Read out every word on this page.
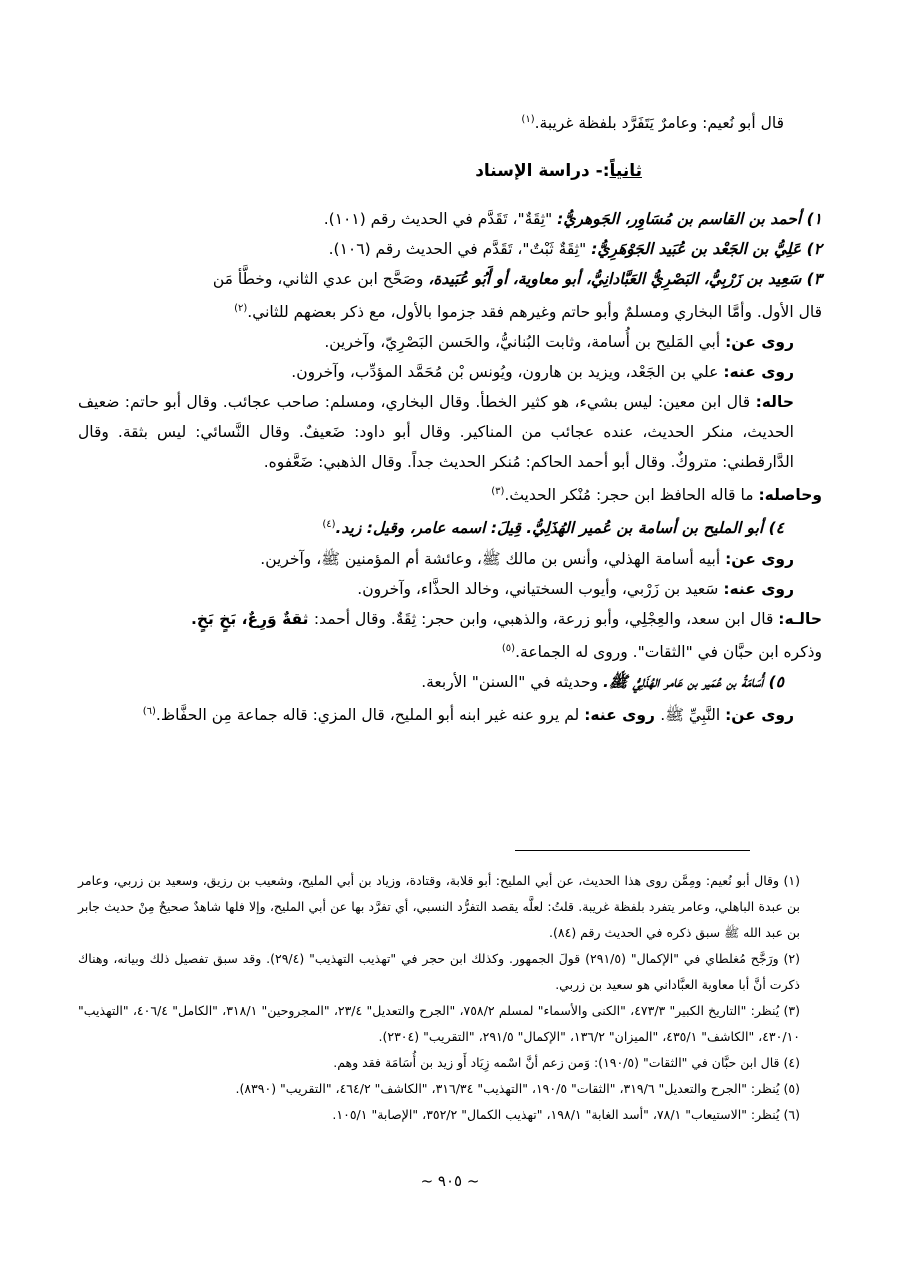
قال أبو نُعيم: وعامرٌ يَتَفَرَّد بلفظة غريبة.$^{(١)}$

ثانياً:- دراسة الإسناد

١) أحمد بن القاسم بن مُسَاوِر، الجَوهريُّ: "ثِقَةٌ"، تَقَدَّم في الحديث رقم (١٠١).

٢) عَلِيُّ بن الجَعْد بن عُبَيد الجَوْهَرِيُّ: "ثِقَةٌ ثَبْتٌ"، تَقَدَّم في الحديث رقم (١٠٦).

٣) سَعِيد بن زَرْبِيُّ، البَصْرِيُّ العَبَّادانِيُّ، أبو معاوية، أو أَبُو عُبَيدة، وصَحَّح ابن عدي الثاني، وخطَّأ مَن

قال الأول. وأمَّا البخاري ومسلمٌ وأبو حاتم وغيرهم فقد جزموا بالأول، مع ذكر بعضهم للثاني.$^{(٢)}$

روى عن: أبي المَليح بن أُسامة، وثابت البُنانيُّ، والحَسن البَصْرِيّ، وآخرين.

روى عنه: علي بن الجَعْد، ويزيد بن هارون، ويُونس بْن مُحَمَّد المؤدِّب، وآخرون.

حاله: قال ابن معين: ليس بشيء، هو كثير الخطأ. وقال البخاري، ومسلم: صاحب عجائب. وقال أبو حاتم: ضعيف الحديث، منكر الحديث، عنده عجائب من المناكير. وقال أبو داود: ضَعيفٌ. وقال النَّسائي: ليس بثقة. وقال الدَّارقطني: متروكٌ. وقال أبو أحمد الحاكم: مُنكر الحديث جداً. وقال الذهبي: ضَعَّفوه.

وحاصله: ما قاله الحافظ ابن حجر: مُنْكر الحديث.$^{(٣)}$

٤) أبو المليح بن أسامة بن عُمير الهُذَلِيُّ. قِيلَ: اسمه عامر، وقيل: زيد.$^{(٤)}$

روى عن: أبيه أسامة الهذلي، وأنس بن مالك ﷺ، وعائشة أم المؤمنين ﷺ، وآخرين.

روى عنه: سَعيد بن زَرْبي، وأيوب السختياني، وخالد الحذَّاء، وآخرون.

حالـه: قال ابن سعد، والعِجْلِي، وأبو زرعة، والذهبي، وابن حجر: ثِقَةٌ. وقال أحمد: ثقةٌ وَرِعٌ، بَخٍ بَخٍ.

وذكره ابن حبَّان في "الثقات". وروى له الجماعة.$^{(٥)}$

٥) أُسَامَةُ بن عُمَير بن عَامر الهُذَلِيُّ ﷺ. وحديثه في "السنن" الأربعة.

روى عن: النَّبِيِّ ﷺ. روى عنه: لم يرو عنه غير ابنه أبو المليح، قال المزي: قاله جماعة مِن الحفَّاظ.$^{(٦)}$

(١) وقال أبو نُعيم: ومِمَّن روى هذا الحديث، عن أبي المليح: أبو قلابة، وقتادة، وزياد بن أبي المليح، وشعيب بن رزيق، وسعيد بن زربي، وعامر بن عبدة الباهلي، وعامر يتفرد بلفظة غريبة. قلتُ: لعلَّه يقصد التفرُّد النسبي، أي تفرَّد بها عن أبي المليح، وإلا فلها شاهدٌ صحيحٌ مِنْ حديث جابر بن عبد الله ﷺ سبق ذكره في الحديث رقم (٨٤).

(٢) ورَجَّح مُغلطاي في "الإكمال" (٢٩١/٥) قولَ الجمهور. وكذلك ابن حجر في "تهذيب التهذيب" (٢٩/٤). وقد سبق تفصيل ذلك وبيانه، وهناك ذكرت أنَّ أبا معاوية العبَّاداني هو سعيد بن زربي.

(٣) يُنظر: "التاريخ الكبير" ٤٧٣/٣، "الكنى والأسماء" لمسلم ٧٥٨/٢، "الجرح والتعديل" ٢٣/٤، "المجروحين" ٣١٨/١، "الكامل" ٤٠٦/٤، "التهذيب" ٤٣٠/١٠، "الكاشف" ٤٣٥/١، "الميزان" ١٣٦/٢، "الإكمال" ٢٩١/٥، "التقريب" (٢٣٠٤).

(٤) قال ابن حبَّان في "الثقات" (١٩٠/٥): وَمن زعم أنَّ اسْمه زِيَاد أَو زيد بن أُسَامَة فقد وهم.

(٥) يُنظر: "الجرح والتعديل" ٣١٩/٦، "الثقات" ١٩٠/٥، "التهذيب" ٣١٦/٣٤، "الكاشف" ٤٦٤/٢، "التقريب" (٨٣٩٠).

(٦) يُنظر: "الاستيعاب" ٧٨/١، "أسد الغابة" ١٩٨/١، "تهذيب الكمال" ٣٥٢/٢، "الإصابة" ١٠٥/١.

~ ٩٠٥ ~
